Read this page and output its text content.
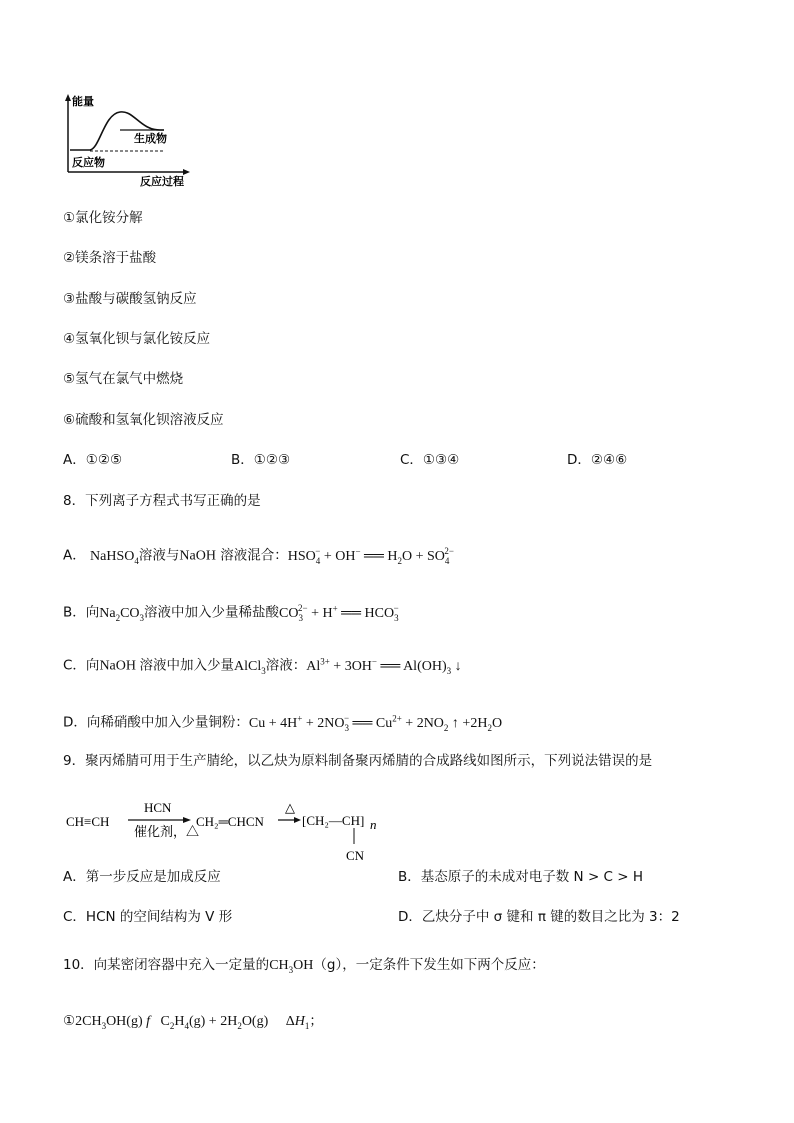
能量
生成物
反应物
反应过程
①氯化铵分解
②镁条溶于盐酸
③盐酸与碳酸氢钠反应
④氢氧化钡与氯化铵反应
⑤氢气在氯气中燃烧
⑥硫酸和氢氧化钡溶液反应
A．①②⑤	B．①②③	C．①③④	D．②④⑥
8．下列离子方程式书写正确的是
A． NaHSO$_4$溶液与NaOH 溶液混合：$HSO_4^- + OH^-$ ══ $H_2O + SO_4^{2-}$
B．向$Na_2CO_3$溶液中加入少量稀盐酸$CO_3^{2-} + H^+$ ══ $HCO_3^-$
C．向NaOH 溶液中加入少量AlCl$_3$溶液：$Al^{3+} + 3OH^-$ ══ $Al(OH)_3$ ↓
D．向稀硝酸中加入少量铜粉：$Cu + 4H^+ + 2NO_3^-$ ══ $Cu^{2+} + 2NO_2$ ↑ $+2H_2O$
9．聚丙烯腈可用于生产腈纶，以乙炔为原料制备聚丙烯腈的合成路线如图所示，下列说法错误的是
CH≡CH
HCN
催化剂，△
CH₂═CHCN
△
[CH₂—CH] n
CN
A．第一步反应是加成反应	B．基态原子的未成对电子数 N > C > H
C．HCN 的空间结构为 V 形	D．乙炔分子中 σ 键和 π 键的数目之比为 3：2
10．向某密闭容器中充入一定量的$CH_3OH(g)$，一定条件下发生如下两个反应：
$①2CH_3OH(g)$ f   $C_2H_4(g) + 2H_2O(g)$     $\Delta H_1$；
